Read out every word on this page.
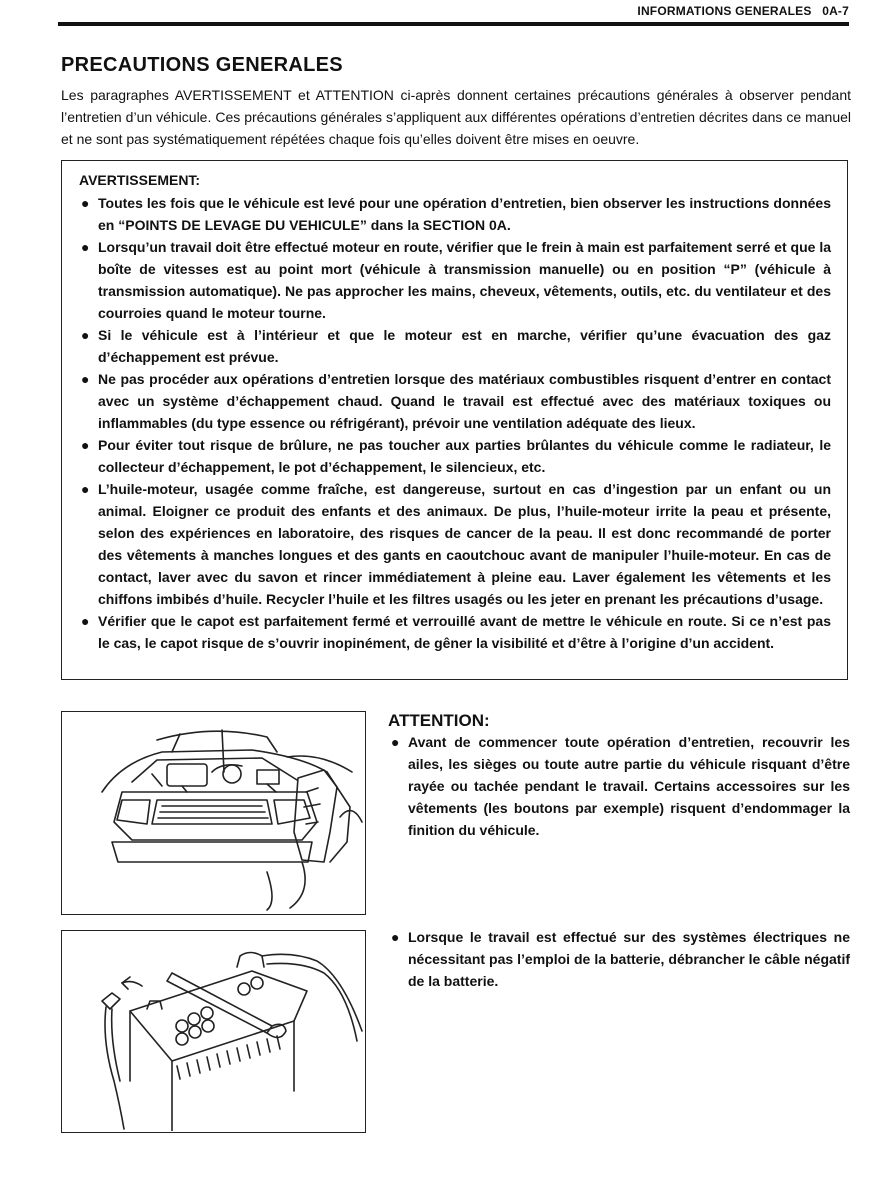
INFORMATIONS GENERALES   0A-7
PRECAUTIONS GENERALES
Les paragraphes AVERTISSEMENT et ATTENTION ci-après donnent certaines précautions générales à observer pendant l’entretien d’un véhicule. Ces précautions générales s’appliquent aux différentes opérations d’entretien décrites dans ce manuel et ne sont pas systématiquement répétées chaque fois qu’elles doivent être mises en oeuvre.
AVERTISSEMENT:
● Toutes les fois que le véhicule est levé pour une opération d’entretien, bien observer les instructions données en “POINTS DE LEVAGE DU VEHICULE” dans la SECTION 0A.
● Lorsqu’un travail doit être effectué moteur en route, vérifier que le frein à main est parfaitement serré et que la boîte de vitesses est au point mort (véhicule à transmission manuelle) ou en position “P” (véhicule à transmission automatique). Ne pas approcher les mains, cheveux, vêtements, outils, etc. du ventilateur et des courroies quand le moteur tourne.
● Si le véhicule est à l’intérieur et que le moteur est en marche, vérifier qu’une évacuation des gaz d’échappement est prévue.
● Ne pas procéder aux opérations d’entretien lorsque des matériaux combustibles risquent d’entrer en contact avec un système d’échappement chaud. Quand le travail est effectué avec des matériaux toxiques ou inflammables (du type essence ou réfrigérant), prévoir une ventilation adéquate des lieux.
● Pour éviter tout risque de brûlure, ne pas toucher aux parties brûlantes du véhicule comme le radiateur, le collecteur d’échappement, le pot d’échappement, le silencieux, etc.
● L’huile-moteur, usagée comme fraîche, est dangereuse, surtout en cas d’ingestion par un enfant ou un animal. Eloigner ce produit des enfants et des animaux. De plus, l’huile-moteur irrite la peau et présente, selon des expériences en laboratoire, des risques de cancer de la peau. Il est donc recommandé de porter des vêtements à manches longues et des gants en caoutchouc avant de manipuler l’huile-moteur. En cas de contact, laver avec du savon et rincer immédiatement à pleine eau. Laver également les vêtements et les chiffons imbibés d’huile. Recycler l’huile et les filtres usagés ou les jeter en prenant les précautions d’usage.
● Vérifier que le capot est parfaitement fermé et verrouillé avant de mettre le véhicule en route. Si ce n’est pas le cas, le capot risque de s’ouvrir inopinément, de gêner la visibilité et d’être à l’origine d’un accident.
ATTENTION:
● Avant de commencer toute opération d’entretien, recouvrir les ailes, les sièges ou toute autre partie du véhicule risquant d’être rayée ou tachée pendant le travail. Certains accessoires sur les vêtements (les boutons par exemple) risquent d’endommager la finition du véhicule.
● Lorsque le travail est effectué sur des systèmes électriques ne nécessitant pas l’emploi de la batterie, débrancher le câble négatif de la batterie.
